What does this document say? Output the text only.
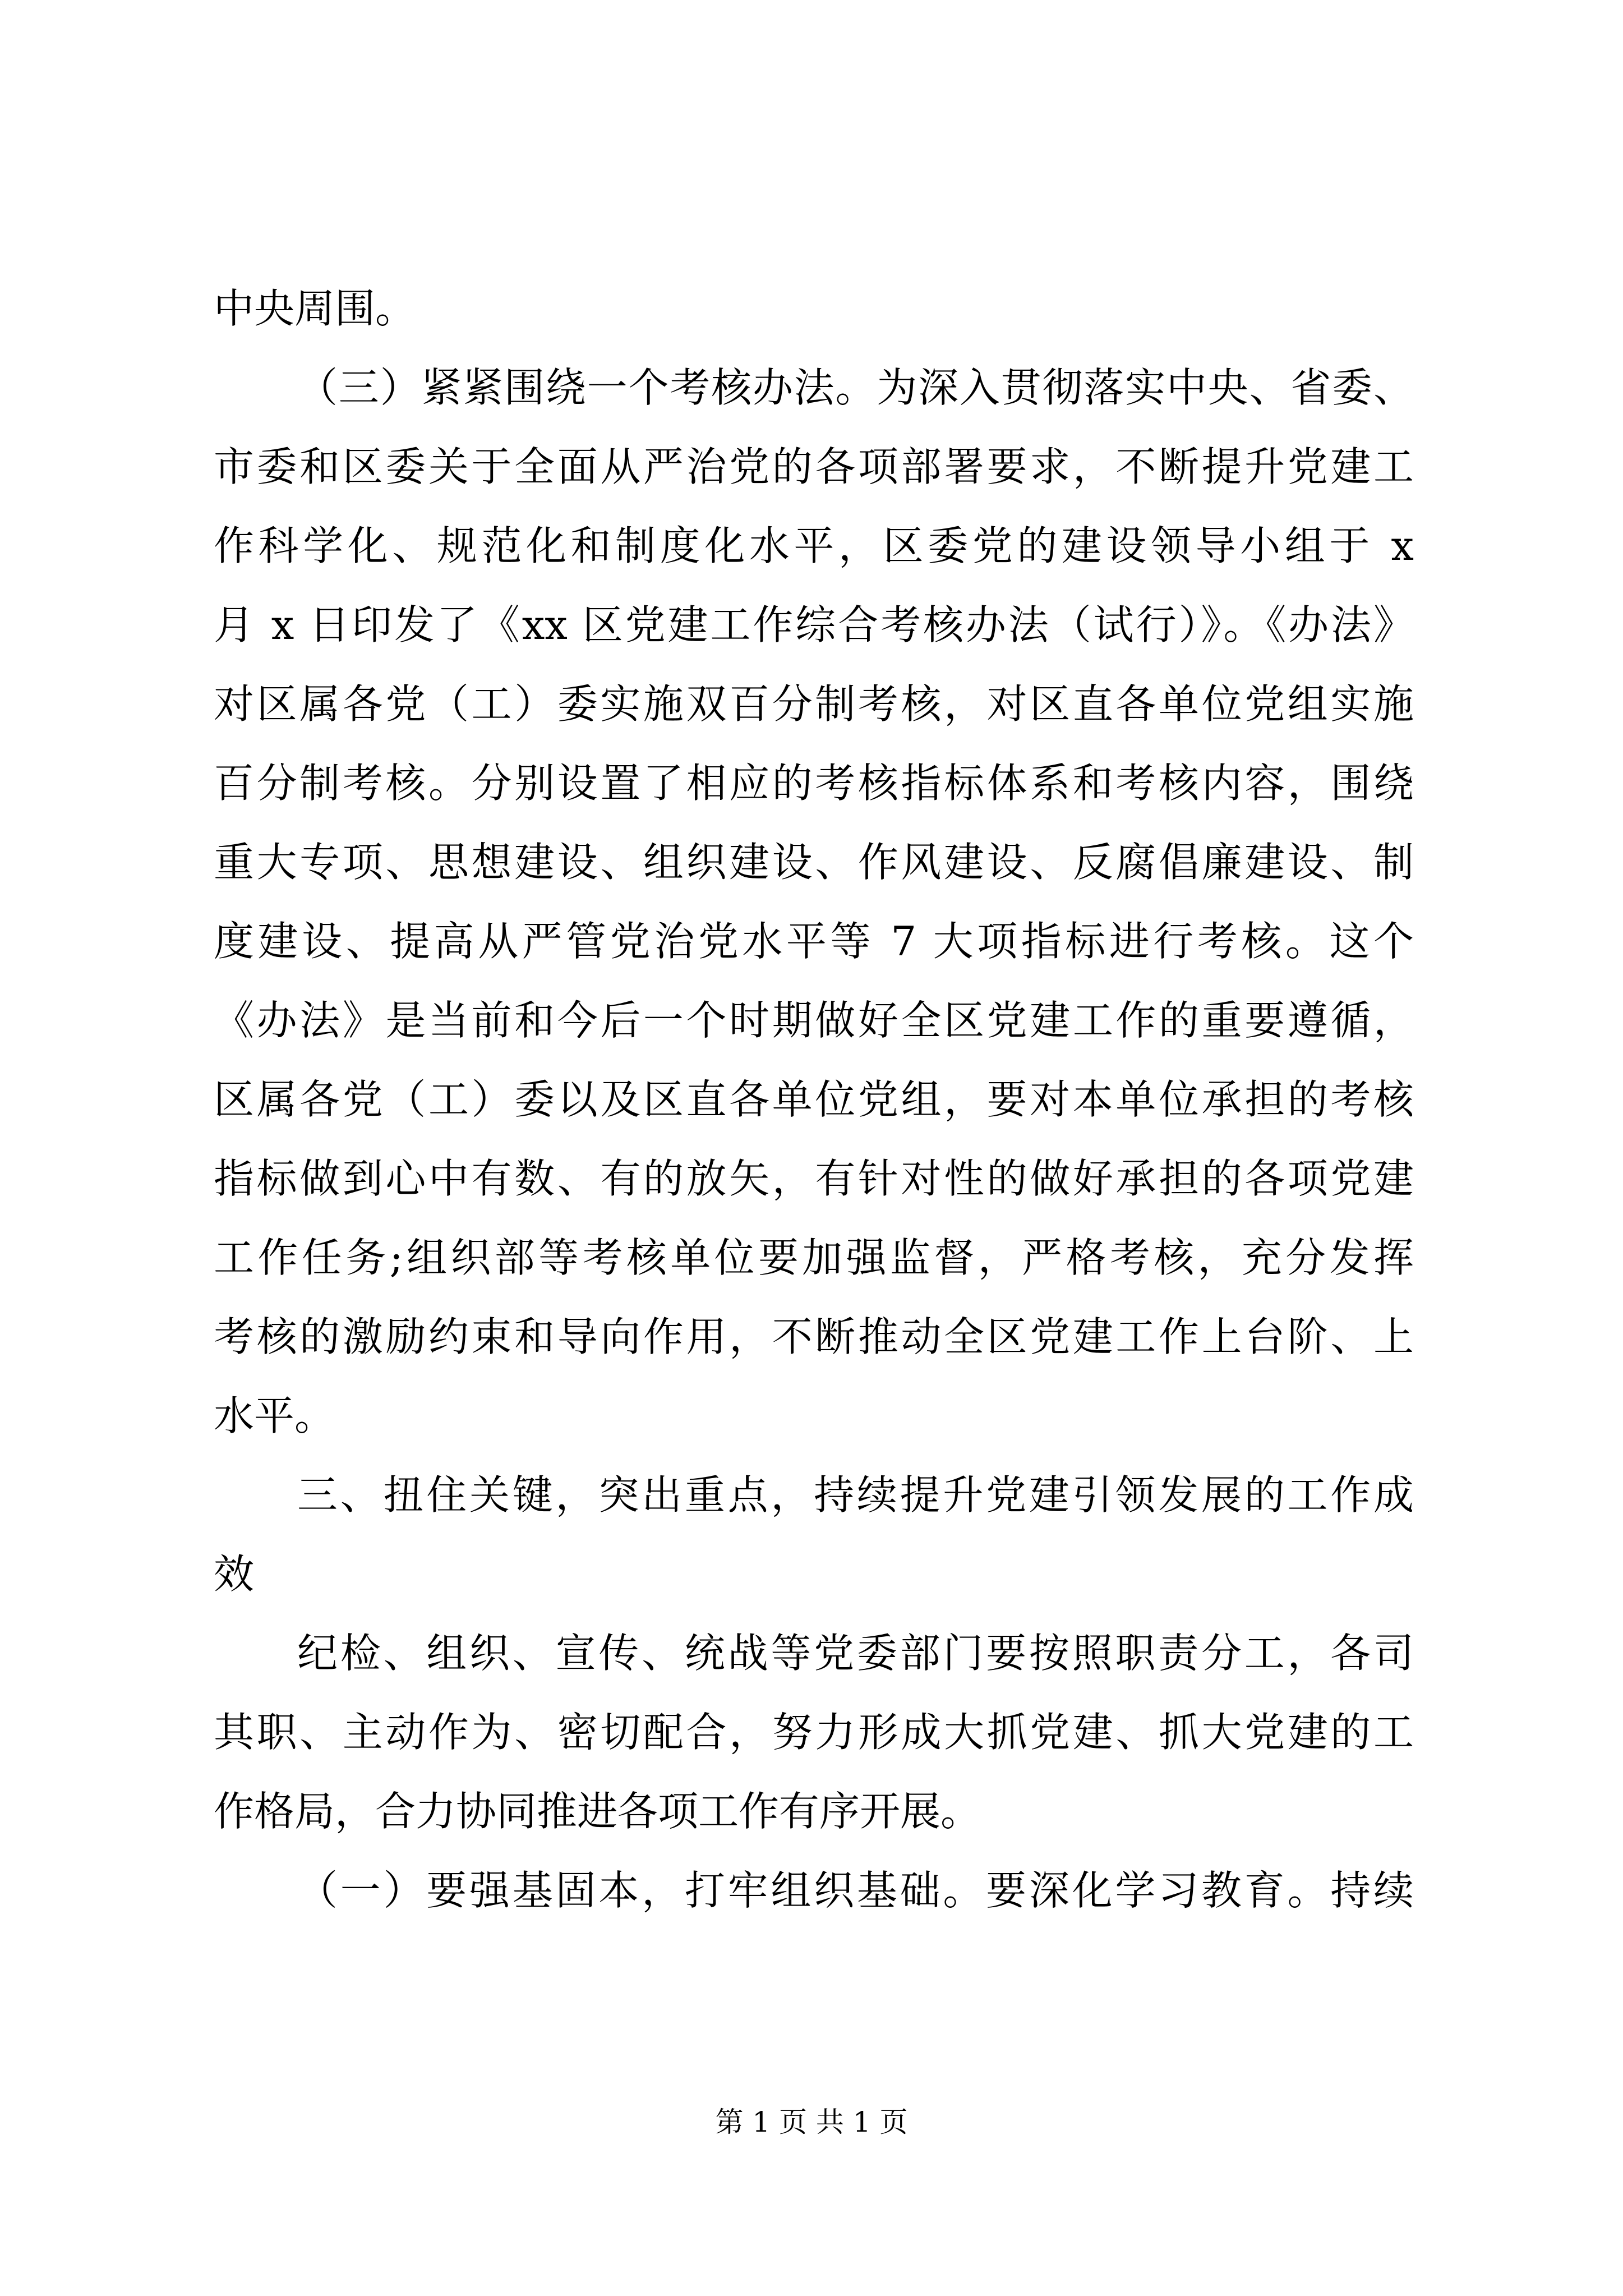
中央周围。
（三）紧紧围绕一个考核办法。为深入贯彻落实中央、省委、
市委和区委关于全面从严治党的各项部署要求，不断提升党建工
作科学化、规范化和制度化水平，区委党的建设领导小组于 x
月 x 日印发了《xx 区党建工作综合考核办法（试行）》。《办法》
对区属各党（工）委实施双百分制考核，对区直各单位党组实施
百分制考核。分别设置了相应的考核指标体系和考核内容，围绕
重大专项、思想建设、组织建设、作风建设、反腐倡廉建设、制
度建设、提高从严管党治党水平等 7 大项指标进行考核。这个
《办法》是当前和今后一个时期做好全区党建工作的重要遵循，
区属各党（工）委以及区直各单位党组，要对本单位承担的考核
指标做到心中有数、有的放矢，有针对性的做好承担的各项党建
工作任务;组织部等考核单位要加强监督，严格考核，充分发挥
考核的激励约束和导向作用，不断推动全区党建工作上台阶、上
水平。
三、扭住关键，突出重点，持续提升党建引领发展的工作成
效
纪检、组织、宣传、统战等党委部门要按照职责分工，各司
其职、主动作为、密切配合，努力形成大抓党建、抓大党建的工
作格局，合力协同推进各项工作有序开展。
（一）要强基固本，打牢组织基础。要深化学习教育。持续
第 1 页 共 1 页
